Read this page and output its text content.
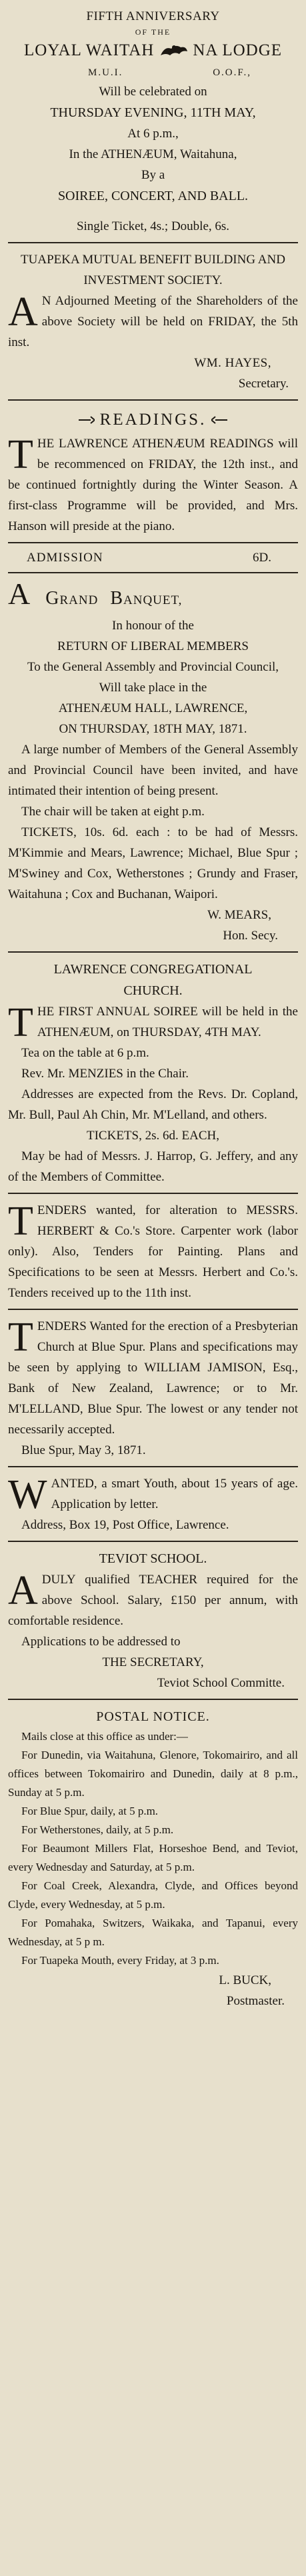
FIFTH ANNIVERSARY

OF THE

LOYAL WAITAH NA LODGE
M.U.I.	O.O.F.,

Will be celebrated on

THURSDAY EVENING, 11TH MAY,

At 6 p.m.,

In the ATHENÆUM, Waitahuna,

By a

SOIREE, CONCERT, AND BALL.

Single Ticket, 4s.; Double, 6s.

TUAPEKA MUTUAL BENEFIT BUILDING AND INVESTMENT SOCIETY.

A N Adjourned Meeting of the Shareholders of the above Society will be held on FRIDAY, the 5th inst.

WM. HAYES,

Secretary.

READINGS.
T HE LAWRENCE ATHENÆUM READINGS will be recommenced on FRIDAY, the 12th inst., and be continued fortnightly during the Winter Season. A first-class Programme will be provided, and Mrs. Hanson will preside at the piano.

ADMISSION	6D.

A GRAND BANQUET,

In honour of the

RETURN OF LIBERAL MEMBERS

To the General Assembly and Provincial Council,

Will take place in the

ATHENÆUM HALL, LAWRENCE,

ON THURSDAY, 18TH MAY, 1871.

A large number of Members of the General Assembly and Provincial Council have been invited, and have intimated their intention of being present.

The chair will be taken at eight p.m.

TICKETS, 10s. 6d. each : to be had of Messrs. M'Kimmie and Mears, Lawrence; Michael, Blue Spur ; M'Swiney and Cox, Wetherstones ; Grundy and Fraser, Waitahuna ; Cox and Buchanan, Waipori.

W. MEARS,

Hon. Secy.

LAWRENCE CONGREGATIONAL

CHURCH.

T HE FIRST ANNUAL SOIREE will be held in the ATHENÆUM, on THURSDAY, 4TH MAY.

Tea on the table at 6 p.m.

Rev. Mr. MENZIES in the Chair.

Addresses are expected from the Revs. Dr. Copland, Mr. Bull, Paul Ah Chin, Mr. M'Lelland, and others.

TICKETS, 2s. 6d. EACH,

May be had of Messrs. J. Harrop, G. Jeffery, and any of the Members of Committee.

T ENDERS wanted, for alteration to MESSRS. HERBERT & Co.'s Store. Carpenter work (labor only). Also, Tenders for Painting. Plans and Specifications to be seen at Messrs. Herbert and Co.'s. Tenders received up to the 11th inst.

T ENDERS Wanted for the erection of a Presbyterian Church at Blue Spur. Plans and specifications may be seen by applying to WILLIAM JAMISON, Esq., Bank of New Zealand, Lawrence; or to Mr. M'LELLAND, Blue Spur. The lowest or any tender not necessarily accepted.

Blue Spur, May 3, 1871.

W ANTED, a smart Youth, about 15 years of age. Application by letter.

Address, Box 19, Post Office, Lawrence.

TEVIOT SCHOOL.

A DULY qualified TEACHER required for the above School. Salary, £150 per annum, with comfortable residence.

Applications to be addressed to

THE SECRETARY,

Teviot School Committe.

POSTAL NOTICE.

Mails close at this office as under:—

For Dunedin, via Waitahuna, Glenore, Tokomairiro, and all offices between Tokomairiro and Dunedin, daily at 8 p.m., Sunday at 5 p.m.

For Blue Spur, daily, at 5 p.m.

For Wetherstones, daily, at 5 p.m.

For Beaumont Millers Flat, Horseshoe Bend, and Teviot, every Wednesday and Saturday, at 5 p.m.

For Coal Creek, Alexandra, Clyde, and Offices beyond Clyde, every Wednesday, at 5 p.m.

For Pomahaka, Switzers, Waikaka, and Tapanui, every Wednesday, at 5 p m.

For Tuapeka Mouth, every Friday, at 3 p.m.

L. BUCK,

Postmaster.
